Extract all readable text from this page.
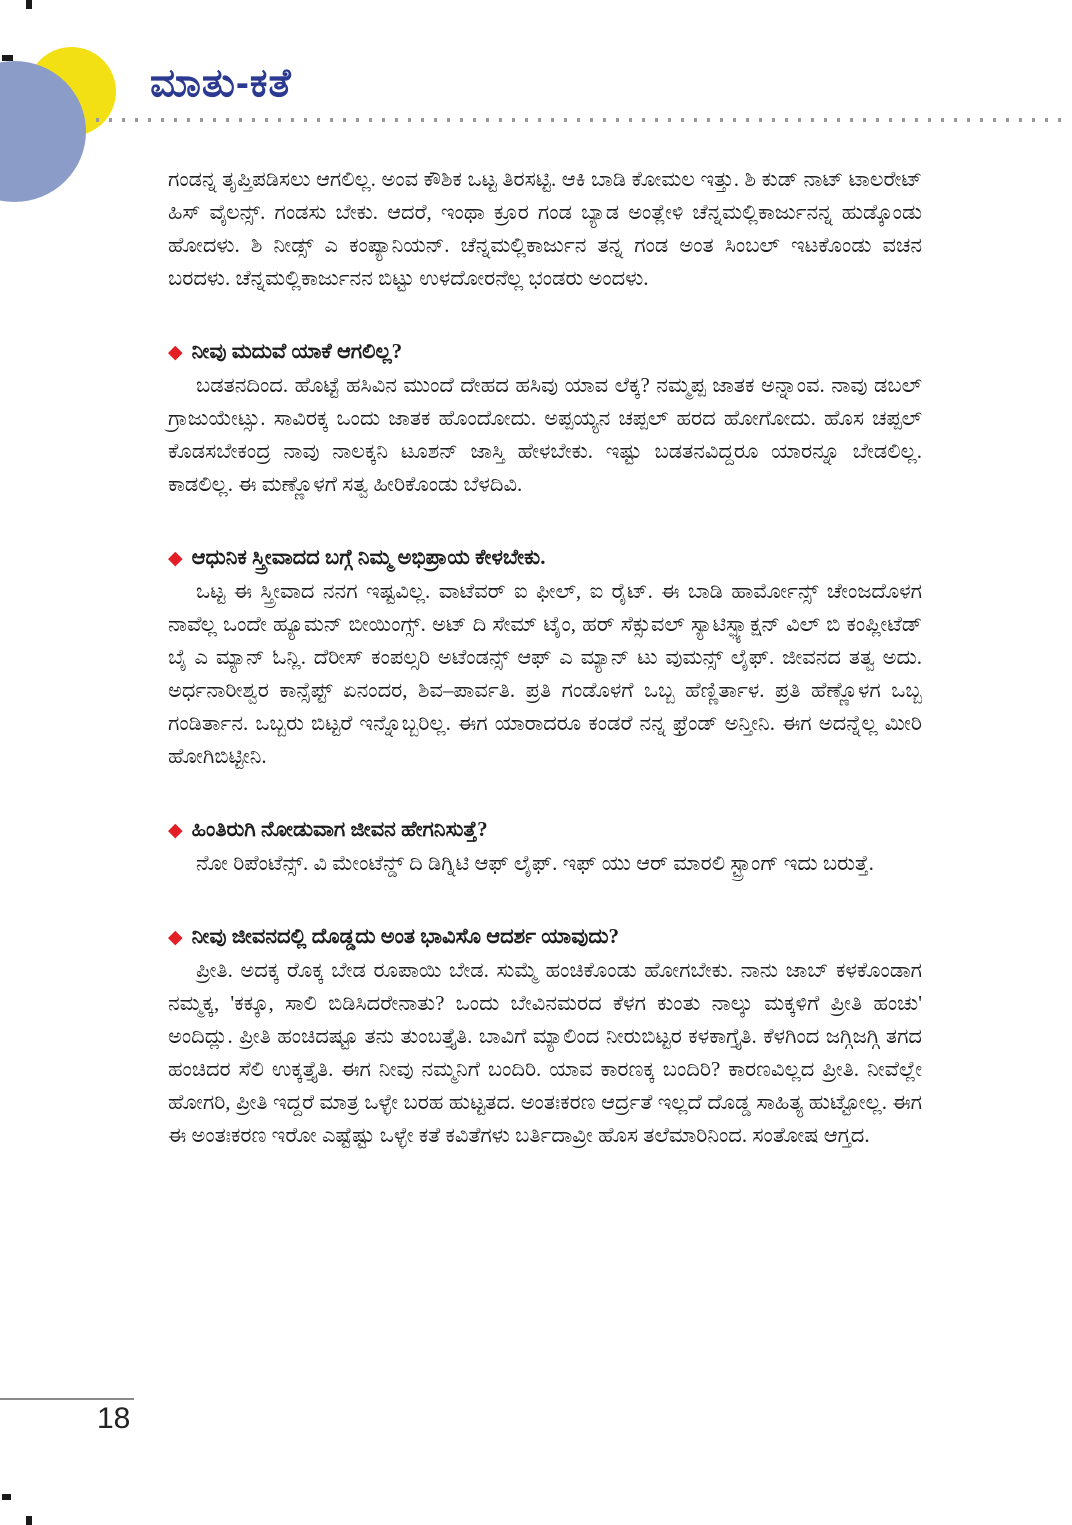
ಮಾತು-ಕತೆ

ಗಂಡನ್ನ ತೃಪ್ತಿಪಡಿಸಲು ಆಗಲಿಲ್ಲ. ಅಂವ ಕೌಶಿಕ ಒಟ್ಟ ತಿರಸಟ್ಟಿ. ಆಕಿ ಬಾಡಿ ಕೋಮಲ ಇತ್ತು. ಶಿ ಕುಡ್ ನಾಟ್ ಟಾಲರೇಟ್ ಹಿಸ್ ವೈಲನ್ಸ್. ಗಂಡಸು ಬೇಕು. ಆದರೆ, ಇಂಥಾ ಕ್ರೂರ ಗಂಡ ಬ್ಯಾಡ ಅಂತ್ಲೇಳಿ ಚೆನ್ನಮಲ್ಲಿಕಾರ್ಜುನನ್ನ ಹುಡ್ಕೊಂಡು ಹೋದಳು. ಶಿ ನೀಡ್ಸ್ ಎ ಕಂಪ್ಯಾನಿಯನ್. ಚೆನ್ನಮಲ್ಲಿಕಾರ್ಜುನ ತನ್ನ ಗಂಡ ಅಂತ ಸಿಂಬಲ್ ಇಟಕೊಂಡು ವಚನ ಬರದಳು. ಚೆನ್ನಮಲ್ಲಿಕಾರ್ಜುನನ ಬಿಟ್ಟು ಉಳದೋರನೆಲ್ಲ ಭಂಡರು ಅಂದಳು.

◆ ನೀವು ಮದುವೆ ಯಾಕೆ ಆಗಲಿಲ್ಲ?

ಬಡತನದಿಂದ. ಹೊಟ್ಟೆ ಹಸಿವಿನ ಮುಂದೆ ದೇಹದ ಹಸಿವು ಯಾವ ಲೆಕ್ಕ? ನಮ್ಮಪ್ಪ ಜಾತಕ ಅನ್ನಾಂವ. ನಾವು ಡಬಲ್ ಗ್ರಾಜುಯೇಟ್ಸು. ಸಾವಿರಕ್ಕ ಒಂದು ಜಾತಕ ಹೊಂದೋದು. ಅಪ್ಪಯ್ಯನ ಚಪ್ಪಲ್ ಹರದ ಹೋಗೋದು. ಹೊಸ ಚಪ್ಪಲ್ ಕೊಡಸಬೇಕಂದ್ರ ನಾವು ನಾಲಕ್ಕನಿ ಟೂಶನ್ ಜಾಸ್ತಿ ಹೇಳಬೇಕು. ಇಷ್ಟು ಬಡತನವಿದ್ದರೂ ಯಾರನ್ನೂ ಬೇಡಲಿಲ್ಲ. ಕಾಡಲಿಲ್ಲ. ಈ ಮಣ್ಣೊಳಗೆ ಸತ್ವ ಹೀರಿಕೊಂಡು ಬೆಳದಿವಿ.

◆ ಆಧುನಿಕ ಸ್ತ್ರೀವಾದದ ಬಗ್ಗೆ ನಿಮ್ಮ ಅಭಿಪ್ರಾಯ ಕೇಳಬೇಕು.

ಒಟ್ಟ ಈ ಸ್ತ್ರೀವಾದ ನನಗ ಇಷ್ಟವಿಲ್ಲ. ವಾಟೆವರ್ ಐ ಫೀಲ್, ಐ ರೈಟ್. ಈ ಬಾಡಿ ಹಾರ್ಮೋನ್ಸ್ ಚೇಂಜದೊಳಗ ನಾವೆಲ್ಲ ಒಂದೇ ಹ್ಯೂಮನ್ ಬೀಯಿಂಗ್ಸ್. ಅಟ್ ದಿ ಸೇಮ್ ಟೈಂ, ಹರ್ ಸೆಕ್ಸುವಲ್ ಸ್ಯಾಟಿಸ್ಫ್ಯಾಕ್ಷನ್ ವಿಲ್ ಬಿ ಕಂಪ್ಲೀಟೆಡ್ ಬೈ ಎ ಮ್ಯಾನ್ ಓನ್ಲಿ. ದೆರೀಸ್ ಕಂಪಲ್ಸರಿ ಅಟೆಂಡನ್ಸ್ ಆಫ್ ಎ ಮ್ಯಾನ್ ಟು ವುಮನ್ಸ್ ಲೈಫ್. ಜೀವನದ ತತ್ವ ಅದು. ಅರ್ಧನಾರೀಶ್ವರ ಕಾನ್ಸೆಪ್ಟ್ ಏನಂದರ, ಶಿವ–ಪಾರ್ವತಿ. ಪ್ರತಿ ಗಂಡೊಳಗೆ ಒಬ್ಬ ಹೆಣ್ಣಿರ್ತಾಳ. ಪ್ರತಿ ಹೆಣ್ಣೊಳಗ ಒಬ್ಬ ಗಂಡಿರ್ತಾನ. ಒಬ್ಬರು ಬಿಟ್ಟರೆ ಇನ್ನೊಬ್ಬರಿಲ್ಲ. ಈಗ ಯಾರಾದರೂ ಕಂಡರೆ ನನ್ನ ಫ್ರೆಂಡ್ ಅನ್ತೀನಿ. ಈಗ ಅದನ್ನೆಲ್ಲ ಮೀರಿ ಹೋಗಿಬಿಟ್ಟೀನಿ.

◆ ಹಿಂತಿರುಗಿ ನೋಡುವಾಗ ಜೀವನ ಹೇಗನಿಸುತ್ತೆ?

ನೋ ರಿಪೆಂಟೆನ್ಸ್. ವಿ ಮೇಂಟೆನ್ಡ್ ದಿ ಡಿಗ್ನಿಟಿ ಆಫ್ ಲೈಫ್. ಇಫ್ ಯು ಆರ್ ಮಾರಲಿ ಸ್ಟ್ರಾಂಗ್ ಇದು ಬರುತ್ತೆ.

◆ ನೀವು ಜೀವನದಲ್ಲಿ ದೊಡ್ಡದು ಅಂತ ಭಾವಿಸೊ ಆದರ್ಶ ಯಾವುದು?

ಪ್ರೀತಿ. ಅದಕ್ಕ ರೊಕ್ಕ ಬೇಡ ರೂಪಾಯಿ ಬೇಡ. ಸುಮ್ಮೆ ಹಂಚಿಕೊಂಡು ಹೋಗಬೇಕು. ನಾನು ಜಾಬ್ ಕಳಕೊಂಡಾಗ ನಮ್ಮಕ್ಕ, 'ಕಕ್ಕೂ, ಸಾಲಿ ಬಿಡಿಸಿದರೇನಾತು? ಒಂದು ಬೇವಿನಮರದ ಕೆಳಗ ಕುಂತು ನಾಲ್ಕು ಮಕ್ಕಳಿಗೆ ಪ್ರೀತಿ ಹಂಚು' ಅಂದಿದ್ಲು. ಪ್ರೀತಿ ಹಂಚಿದಷ್ಟೂ ತನು ತುಂಬತ್ತೈತಿ. ಬಾವಿಗೆ ಮ್ಯಾಲಿಂದ ನೀರುಬಿಟ್ಟರ ಕಳಕಾಗ್ತೈತಿ. ಕೆಳಗಿಂದ ಜಗ್ಗಿಜಗ್ಗಿ ತಗದ ಹಂಚಿದರ ಸೆಲಿ ಉಕ್ಕತ್ತೈತಿ. ಈಗ ನೀವು ನಮ್ಮನಿಗೆ ಬಂದಿರಿ. ಯಾವ ಕಾರಣಕ್ಕ ಬಂದಿರಿ? ಕಾರಣವಿಲ್ಲದ ಪ್ರೀತಿ. ನೀವೆಲ್ಲೇ ಹೋಗರಿ, ಪ್ರೀತಿ ಇದ್ದರೆ ಮಾತ್ರ ಒಳ್ಳೇ ಬರಹ ಹುಟ್ಟತದ. ಅಂತಃಕರಣ ಆರ್ದ್ರತೆ ಇಲ್ಲದೆ ದೊಡ್ಡ ಸಾಹಿತ್ಯ ಹುಟ್ಟೋಲ್ಲ. ಈಗ ಈ ಅಂತಃಕರಣ ಇರೋ ಎಷ್ಟೆಷ್ಟು ಒಳ್ಳೇ ಕತೆ ಕವಿತೆಗಳು ಬರ್ತಿದಾವ್ರೀ ಹೊಸ ತಲೆಮಾರಿನಿಂದ. ಸಂತೋಷ ಆಗ್ತದ.

18
